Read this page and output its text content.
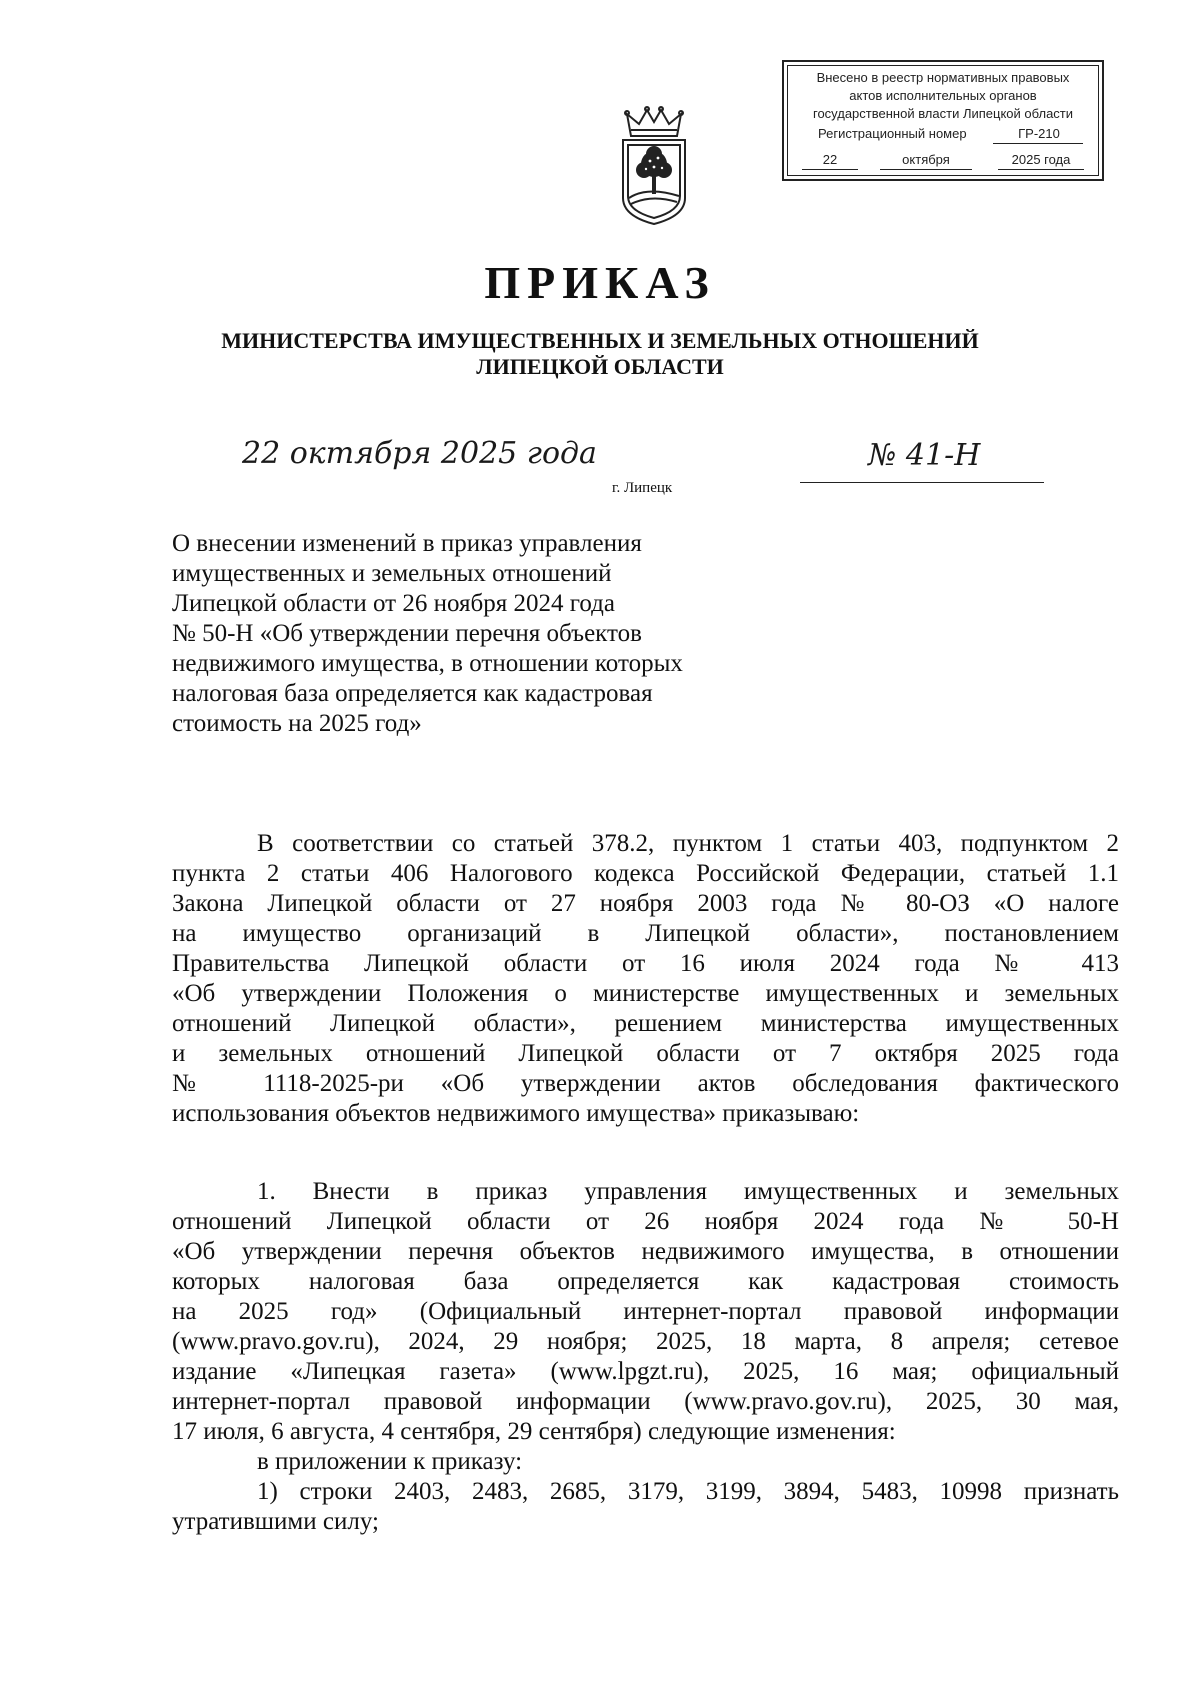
Внесено в реестр нормативных правовых
актов исполнительных органов
государственной власти Липецкой области
Регистрационный номер	ГР-210
22	октября	2025 года
ПРИКАЗ
МИНИСТЕРСТВА ИМУЩЕСТВЕННЫХ И ЗЕМЕЛЬНЫХ ОТНОШЕНИЙ
ЛИПЕЦКОЙ ОБЛАСТИ
22 октября 2025 года	№ 41-Н
г. Липецк
О внесении изменений в приказ управления
имущественных и земельных отношений
Липецкой области от 26 ноября 2024 года
№ 50-Н «Об утверждении перечня объектов
недвижимого имущества, в отношении которых
налоговая база определяется как кадастровая
стоимость на 2025 год»
В соответствии со статьей 378.2, пунктом 1 статьи 403, подпунктом 2
пункта 2 статьи 406 Налогового кодекса Российской Федерации, статьей 1.1
Закона Липецкой области от 27 ноября 2003 года № 80-ОЗ «О налоге
на имущество организаций в Липецкой области», постановлением
Правительства Липецкой области от 16 июля 2024 года № 413
«Об утверждении Положения о министерстве имущественных и земельных
отношений Липецкой области», решением министерства имущественных
и земельных отношений Липецкой области от 7 октября 2025 года
№ 1118-2025-ри «Об утверждении актов обследования фактического
использования объектов недвижимого имущества» приказываю:
1. Внести в приказ управления имущественных и земельных
отношений Липецкой области от 26 ноября 2024 года № 50-Н
«Об утверждении перечня объектов недвижимого имущества, в отношении
которых налоговая база определяется как кадастровая стоимость
на 2025 год» (Официальный интернет-портал правовой информации
(www.pravo.gov.ru), 2024, 29 ноября; 2025, 18 марта, 8 апреля; сетевое
издание «Липецкая газета» (www.lpgzt.ru), 2025, 16 мая; официальный
интернет-портал правовой информации (www.pravo.gov.ru), 2025, 30 мая,
17 июля, 6 августа, 4 сентября, 29 сентября) следующие изменения:
в приложении к приказу:
1) строки 2403, 2483, 2685, 3179, 3199, 3894, 5483, 10998 признать
утратившими силу;
